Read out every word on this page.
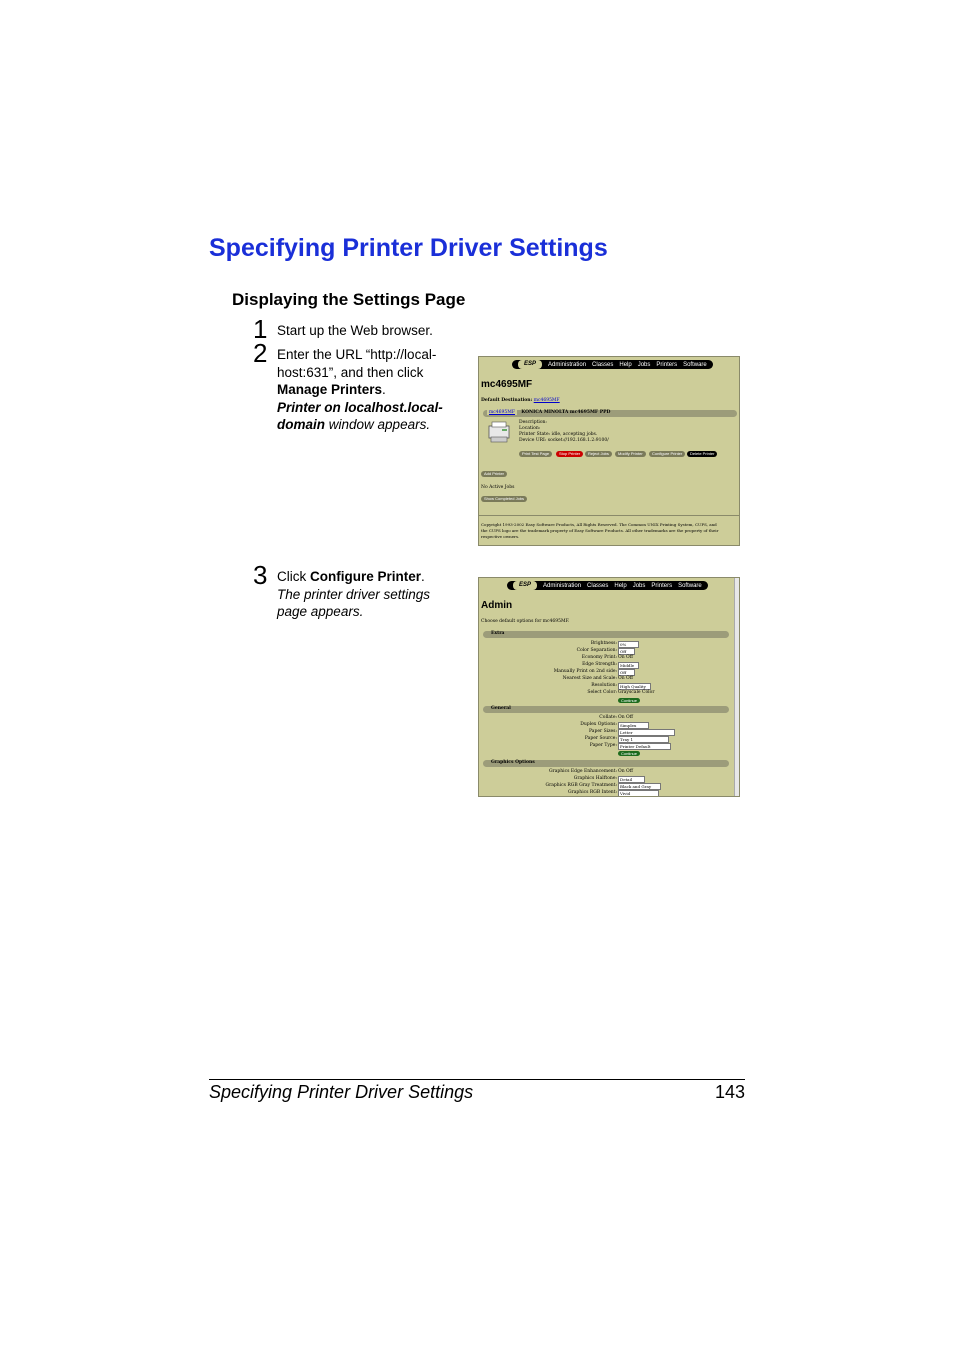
Specifying Printer Driver Settings
Displaying the Settings Page
1 Start up the Web browser.
2 Enter the URL “http://local-
host:631”, and then click
Manage Printers.
Printer on localhost.local-
domain window appears.
3 Click Configure Printer.
The printer driver settings
page appears.
ESP	Administration Classes Help Jobs Printers Software
mc4695MF
Default Destination: mc4695MF
mc4695MF KONICA MINOLTA mc4695MF PPD
Description:
Location:
Printer State: idle, accepting jobs.
Device URI: socket://192.168.1.2:9100/
Print Test Page	Stop Printer	Reject Jobs	Modify Printer	Configure Printer	Delete Printer
Add Printer
No Active Jobs
Show Completed Jobs
Copyright 1993-2002 Easy Software Products, All Rights Reserved. The Common UNIX Printing System, CUPS, and
the CUPS logo are the trademark property of Easy Software Products. All other trademarks are the property of their
respective owners.
ESP	Administration Classes Help Jobs Printers Software
Admin
Choose default options for mc4695MF.
Extra
Brightness: 0%
Color Separation: Off
Economy Print: On Off
Edge Strength: Middle
Manually Print on 2nd side: Off
Nearest Size and Scale: On Off
Resolution: High Quality
Select Color: Grayscale Color
Continue
General
Collate: On Off
Duplex Options: Simplex
Paper Sizes: Letter
Paper Source: Tray 1
Paper Type: Printer Default
Continue
Graphics Options
Graphics Edge Enhancement: On Off
Graphics Halftone: Detail
Graphics RGB Gray Treatment: Black and Gray
Graphics RGB Intent: Vivid
Specifying Printer Driver Settings	143
